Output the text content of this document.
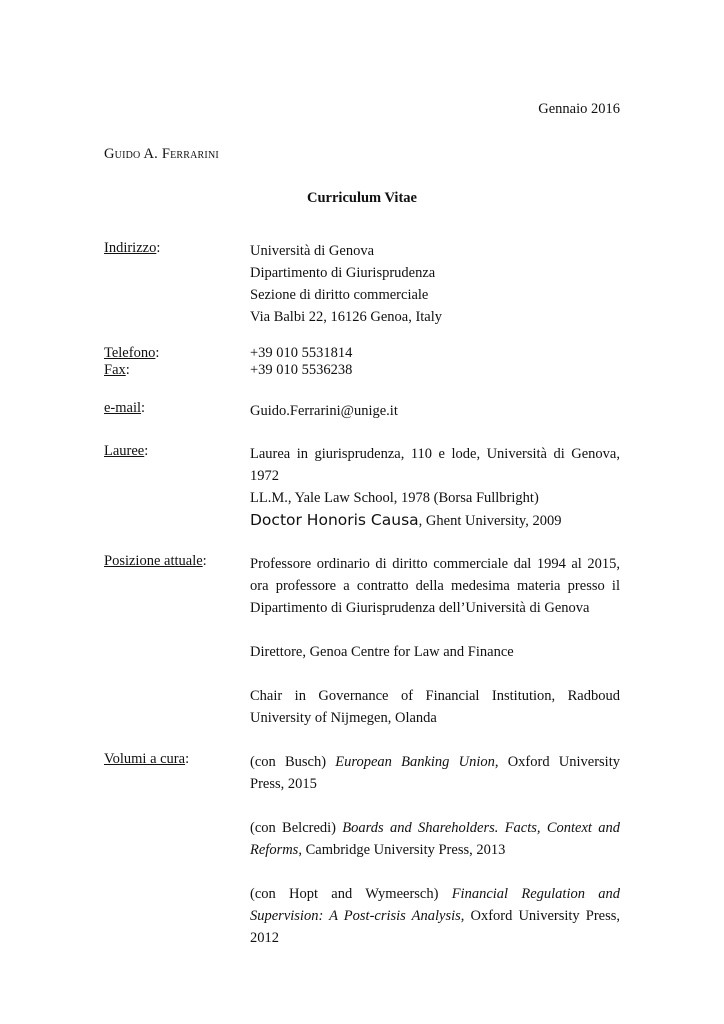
Gennaio 2016
Guido A. Ferrarini
Curriculum Vitae
Indirizzo:	Università di Genova
Dipartimento di Giurisprudenza
Sezione di diritto commerciale
Via Balbi 22, 16126 Genoa, Italy
Telefono:	+39 010 5531814
Fax:	+39 010 5536238
e-mail:	Guido.Ferrarini@unige.it
Lauree:	Laurea in giurisprudenza, 110 e lode, Università di Genova, 1972
LL.M., Yale Law School, 1978 (Borsa Fullbright)
Doctor Honoris Causa, Ghent University, 2009
Posizione attuale:	Professore ordinario di diritto commerciale dal 1994 al 2015, ora professore a contratto della medesima materia presso il Dipartimento di Giurisprudenza dell’Università di Genova
Direttore, Genoa Centre for Law and Finance
Chair in Governance of Financial Institution, Radboud University of Nijmegen, Olanda
Volumi a cura:	(con Busch) European Banking Union, Oxford University Press, 2015
(con Belcredi) Boards and Shareholders. Facts, Context and Reforms, Cambridge University Press, 2013
(con Hopt and Wymeersch) Financial Regulation and Supervision: A Post-crisis Analysis, Oxford University Press, 2012
